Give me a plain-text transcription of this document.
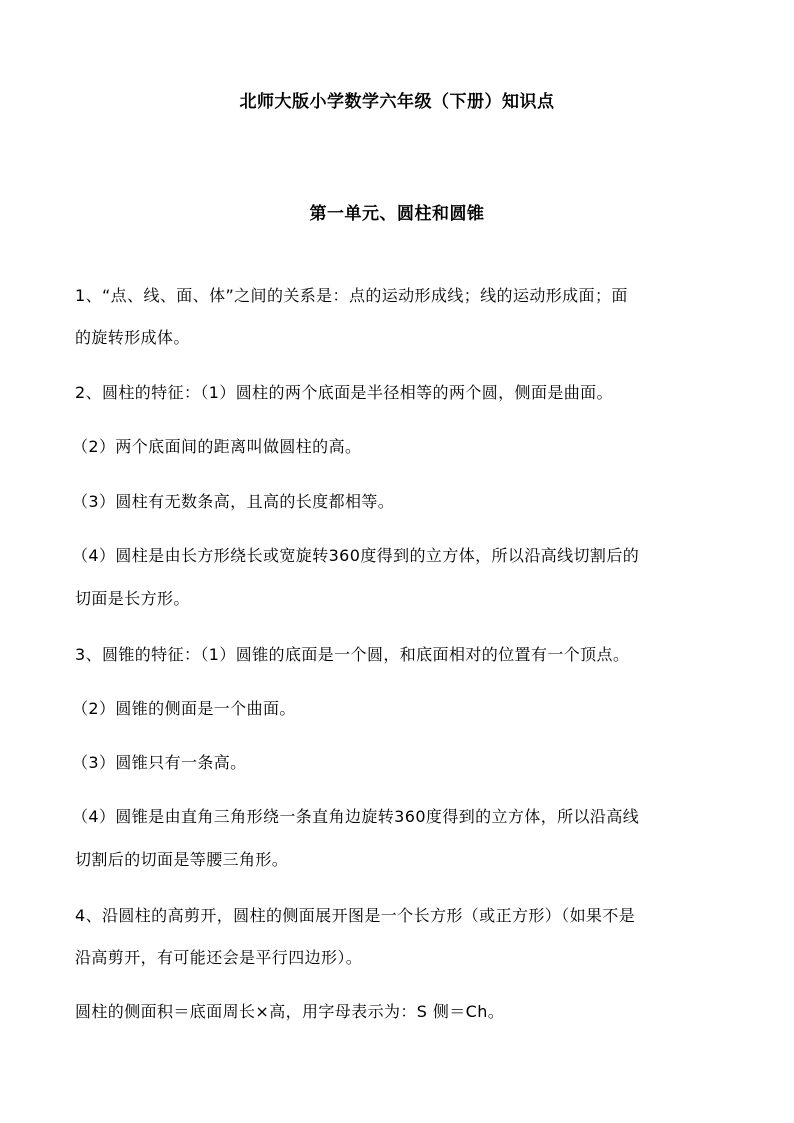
北师大版小学数学六年级（下册）知识点
第一单元、圆柱和圆锥
1、“点、线、面、体”之间的关系是：点的运动形成线；线的运动形成面；面
的旋转形成体。
2、圆柱的特征：（1）圆柱的两个底面是半径相等的两个圆，侧面是曲面。
（2）两个底面间的距离叫做圆柱的高。
（3）圆柱有无数条高，且高的长度都相等。
（4）圆柱是由长方形绕长或宽旋转360度得到的立方体，所以沿高线切割后的
切面是长方形。
3、圆锥的特征：（1）圆锥的底面是一个圆，和底面相对的位置有一个顶点。
（2）圆锥的侧面是一个曲面。
（3）圆锥只有一条高。
（4）圆锥是由直角三角形绕一条直角边旋转360度得到的立方体，所以沿高线
切割后的切面是等腰三角形。
4、沿圆柱的高剪开，圆柱的侧面展开图是一个长方形（或正方形）（如果不是
沿高剪开，有可能还会是平行四边形）。
圆柱的侧面积＝底面周长×高，用字母表示为：S 侧＝Ch。
